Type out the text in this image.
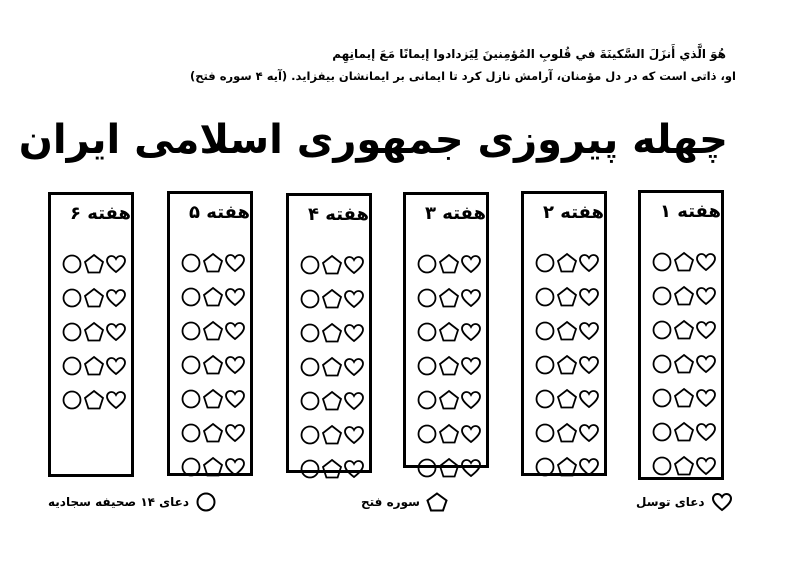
هُوَ الَّذي أَنزَلَ السَّكينَةَ في قُلوبِ المُؤمِنينَ لِيَزدادوا إيمانًا مَعَ إيمانِهِم
او، ذاتی است که در دل مؤمنان، آرامش نازل کرد تا ایمانی بر ایمانشان بیفزاید. (آیه ۴ سوره فتح)
چهله پیروزی جمهوری اسلامی ایران
هفته ۱
هفته ۲
هفته ۳
هفته ۴
هفته ۵
هفته ۶
دعای توسل
سوره فتح
دعای ۱۴ صحیفه سجادیه
